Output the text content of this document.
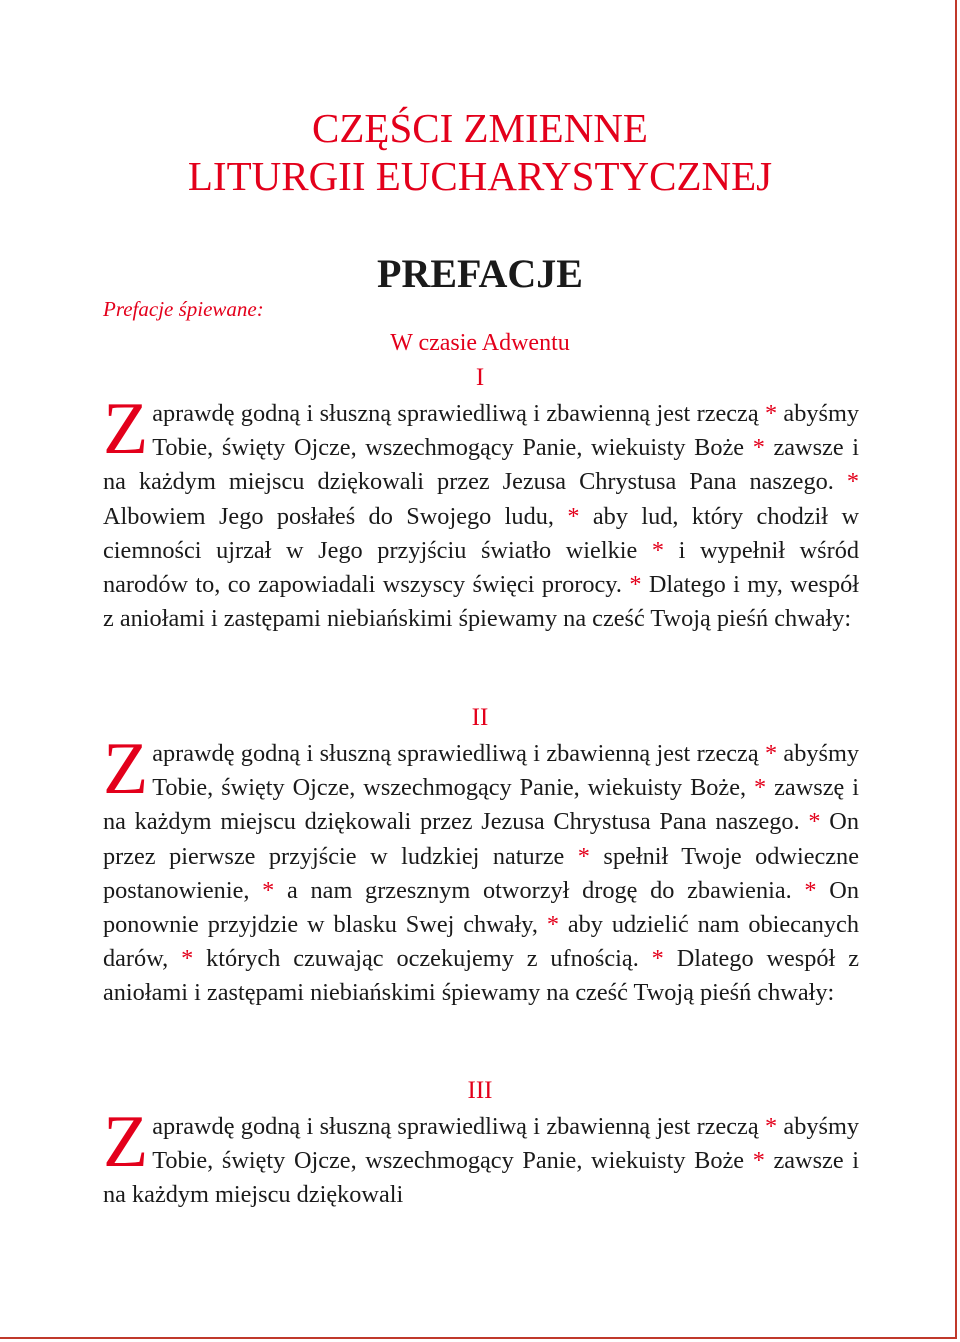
CZĘŚCI ZMIENNE
LITURGII EUCHARYSTYCZNEJ
PREFACJE
Prefacje śpiewane:
W czasie Adwentu
I
Z aprawdę godną i słuszną sprawiedliwą i zbawienną jest rzeczą * abyśmy Tobie, święty Ojcze, wszechmogący Panie, wiekuisty Boże * zawsze i na każdym miejscu dziękowali przez Jezusa Chrystusa Pana naszego. * Albowiem Jego posłałeś do Swojego ludu, * aby lud, który chodził w ciemności ujrzał w Jego przyjściu światło wielkie * i wypełnił wśród narodów to, co zapowiadali wszyscy święci prorocy. * Dlatego i my, wespół z aniołami i zastępami niebiańskimi śpiewamy na cześć Twoją pieśń chwały:
II
Z aprawdę godną i słuszną sprawiedliwą i zbawienną jest rzeczą * abyśmy Tobie, święty Ojcze, wszechmogący Panie, wiekuisty Boże, * zawszę i na każdym miejscu dziękowali przez Jezusa Chrystusa Pana naszego. * On przez pierwsze przyjście w ludzkiej naturze * spełnił Twoje odwieczne postanowienie, * a nam grzesznym otworzył drogę do zbawienia. * On ponownie przyjdzie w blasku Swej chwały, * aby udzielić nam obiecanych darów, * których czuwając oczekujemy z ufnością. * Dlatego wespół z aniołami i zastępami niebiańskimi śpiewamy na cześć Twoją pieśń chwały:
III
Z aprawdę godną i słuszną sprawiedliwą i zbawienną jest rzeczą * abyśmy Tobie, święty Ojcze, wszechmogący Panie, wiekuisty Boże * zawsze i na każdym miejscu dziękowali
